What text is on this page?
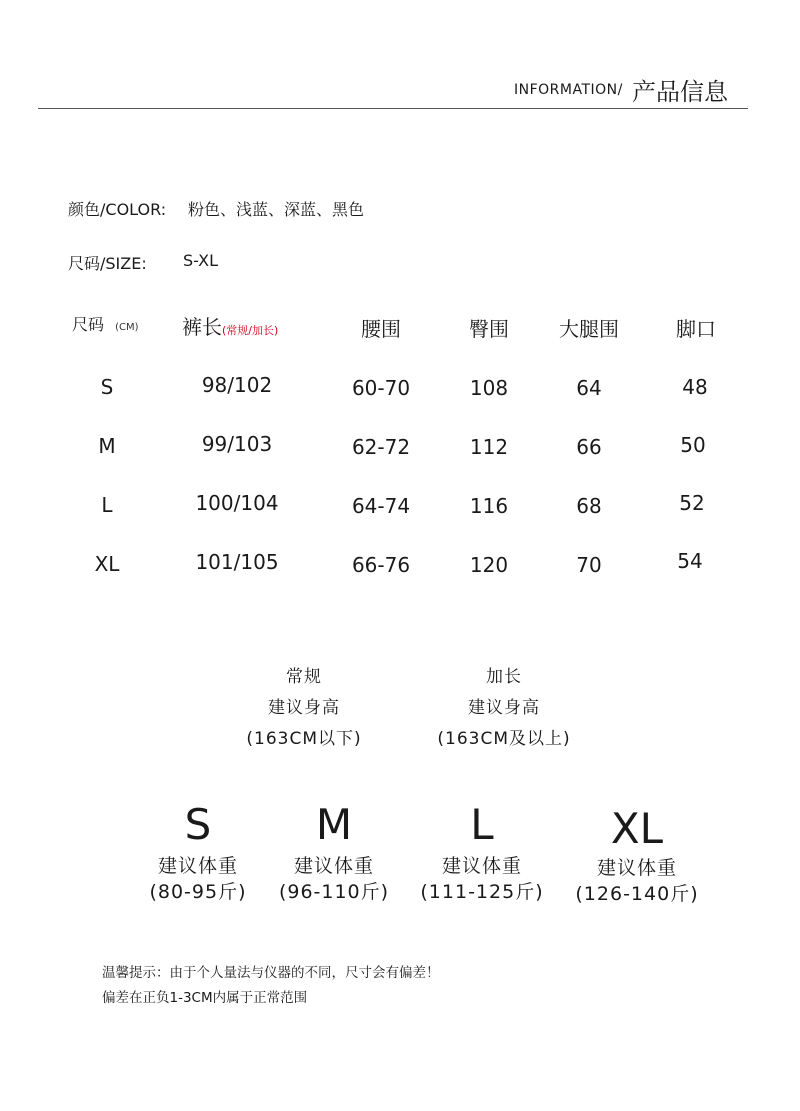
INFORMATION/ 产品信息
颜色/COLOR: 粉色、浅蓝、深蓝、黑色
尺码/SIZE: S-XL
尺码 (CM) 裤长(常规/加长)	腰围	臀围	大腿围	脚口
S	98/102	60-70	108	64	48
M	99/103	62-72	112	66	50
L	100/104	64-74	116	68	52
XL	101/105	66-76	120	70	54
常规
建议身高
(163CM以下)
加长
建议身高
(163CM及以上)
S
建议体重
(80-95斤)
M
建议体重
(96-110斤)
L
建议体重
(111-125斤)
XL
建议体重
(126-140斤)
温馨提示：由于个人量法与仪器的不同，尺寸会有偏差！
偏差在正负1-3CM内属于正常范围
